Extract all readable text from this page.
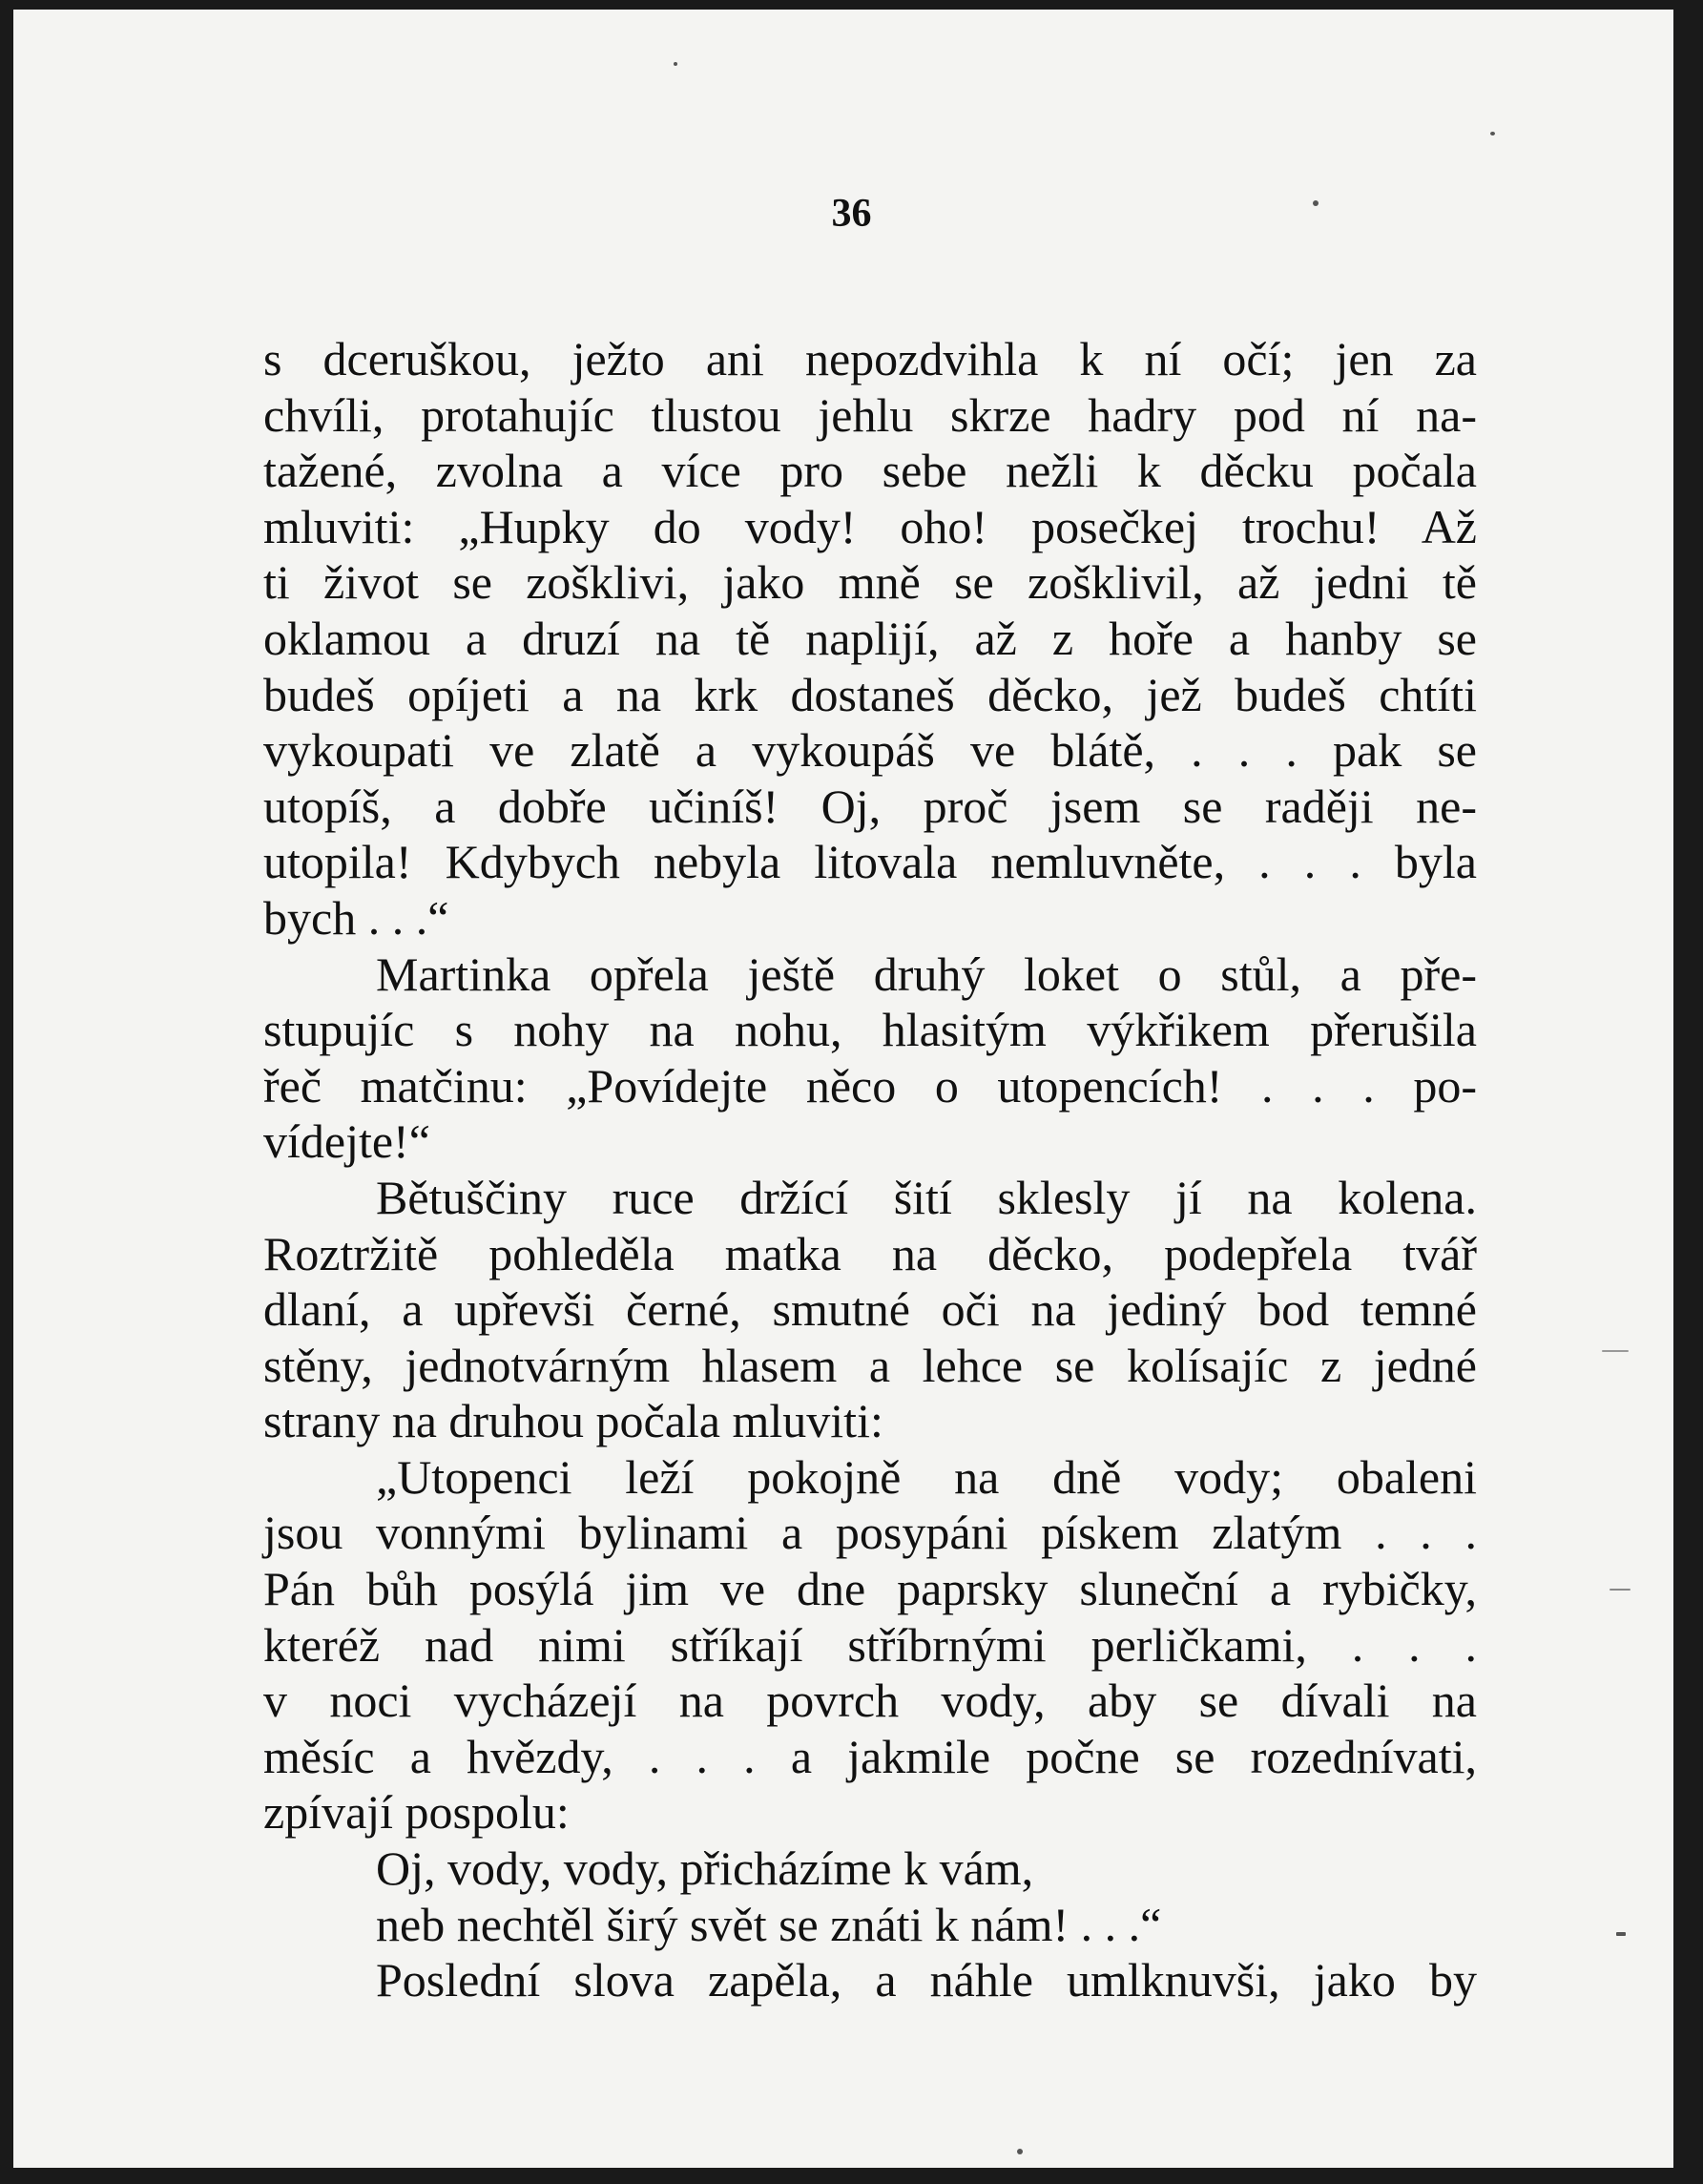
36
s dceruškou, ježto ani nepozdvihla k ní očí; jen za
chvíli, protahujíc tlustou jehlu skrze hadry pod ní na-
tažené, zvolna a více pro sebe nežli k děcku počala
mluviti: „Hupky do vody! oho! posečkej trochu! Až
ti život se zošklivi, jako mně se zošklivil, až jedni tě
oklamou a druzí na tě naplijí, až z hoře a hanby se
budeš opíjeti a na krk dostaneš děcko, jež budeš chtíti
vykoupati ve zlatě a vykoupáš ve blátě, . . . pak se
utopíš, a dobře učiníš! Oj, proč jsem se raději ne-
utopila! Kdybych nebyla litovala nemluvněte, . . . byla
bych . . .“
Martinka opřela ještě druhý loket o stůl, a pře-
stupujíc s nohy na nohu, hlasitým výkřikem přerušila
řeč matčinu: „Povídejte něco o utopencích! . . . po-
vídejte!“
Bětuščiny ruce držící šití sklesly jí na kolena.
Roztržitě pohleděla matka na děcko, podepřela tvář
dlaní, a upřevši černé, smutné oči na jediný bod temné
stěny, jednotvárným hlasem a lehce se kolísajíc z jedné
strany na druhou počala mluviti:
„Utopenci leží pokojně na dně vody; obaleni
jsou vonnými bylinami a posypáni pískem zlatým . . .
Pán bůh posýlá jim ve dne paprsky sluneční a rybičky,
kteréž nad nimi stříkají stříbrnými perličkami, . . .
v noci vycházejí na povrch vody, aby se dívali na
měsíc a hvězdy, . . . a jakmile počne se rozednívati,
zpívají pospolu:
Oj, vody, vody, přicházíme k vám,
neb nechtěl širý svět se znáti k nám! . . .“
Poslední slova zapěla, a náhle umlknuvši, jako by
